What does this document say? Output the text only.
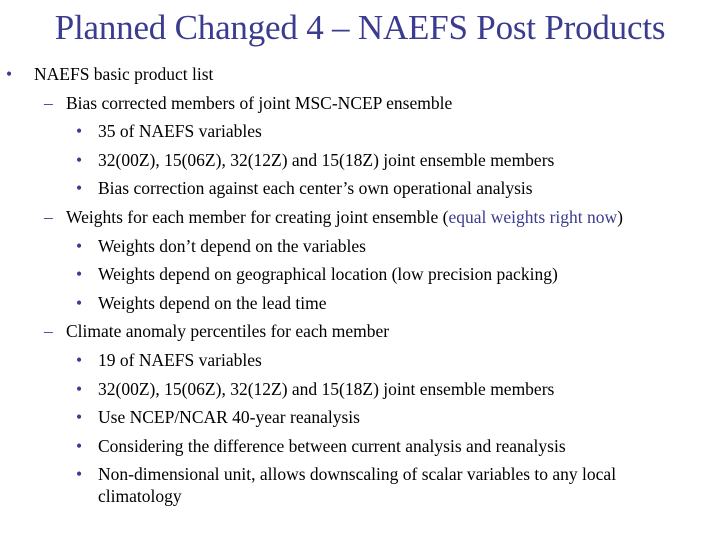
Planned Changed 4 – NAEFS Post Products
• NAEFS basic product list
– Bias corrected members of joint MSC-NCEP ensemble
• 35 of NAEFS variables
• 32(00Z), 15(06Z), 32(12Z) and 15(18Z) joint ensemble members
• Bias correction against each center’s own operational analysis
– Weights for each member for creating joint ensemble (equal weights right now)
• Weights don’t depend on the variables
• Weights depend on geographical location (low precision packing)
• Weights depend on the lead time
– Climate anomaly percentiles for each member
• 19 of NAEFS variables
• 32(00Z), 15(06Z), 32(12Z) and 15(18Z) joint ensemble members
• Use NCEP/NCAR 40-year reanalysis
• Considering the difference between current analysis and reanalysis
• Non-dimensional unit, allows downscaling of scalar variables to any local
climatology
